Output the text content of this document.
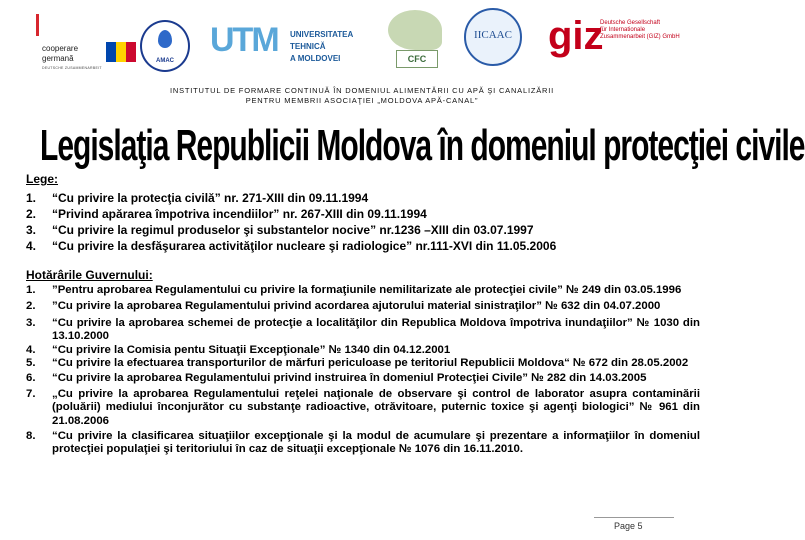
cooperare
germană
DEUTSCHE ZUSAMMENARBEIT
AMAC
UTM UNIVERSITATEA TEHNICĂ
A MOLDOVEI	CFC
IICAAC giz
Deutsche Gesellschaft
für Internationale
Zusammenarbeit (GIZ) GmbH
INSTITUTUL DE FORMARE CONTINUĂ ÎN DOMENIUL ALIMENTĂRII CU APĂ ŞI CANALIZĂRII
PENTRU MEMBRII ASOCIAŢIEI „MOLDOVA APĂ-CANAL”
Legislaţia Republicii Moldova în domeniul protecţiei civile
Lege:
1.	“Cu privire la protecţia civilă” nr. 271-XIII din 09.11.1994
2.	“Privind apărarea împotriva incendiilor” nr. 267-XIII din 09.11.1994
3.	“Cu privire la regimul produselor şi substantelor nocive” nr.1236 –XIII din 03.07.1997
4.	“Cu privire la desfăşurarea activităţilor nucleare şi radiologice” nr.111-XVI din 11.05.2006
Hotărârile Guvernului:
1.	”Pentru aprobarea Regulamentului cu privire la formaţiunile nemilitarizate ale protecţiei civile” № 249 din 03.05.1996
2.	”Cu privire la aprobarea Regulamentului privind acordarea ajutorului material sinistraţilor” № 632 din 04.07.2000
3.	“Cu privire la aprobarea schemei de protecţie a localităţilor din Republica Moldova împotriva inundaţiilor” № 1030 din 13.10.2000
4.	“Cu privire la Comisia pentu Situaţii Excepţionale” № 1340 din 04.12.2001
5.	“Cu privire la efectuarea transporturilor de mărfuri periculoase pe teritoriul Republicii Moldova“ № 672 din 28.05.2002
6.	“Cu privire la aprobarea Regulamentului privind instruirea în domeniul Protecţiei Civile” № 282 din 14.03.2005
7.	„Cu privire la aprobarea Regulamentului reţelei naţionale de observare şi control de laborator asupra contaminării (poluării) mediului înconjurător cu substanţe radioactive, otrăvitoare, puternic toxice şi agenţi biologici” № 961 din 21.08.2006
8.	“Cu privire la clasificarea situaţiilor excepţionale şi la modul de acumulare şi prezentare a informaţiilor în domeniul protecţiei populaţiei şi teritoriului în caz de situaţii excepţionale № 1076 din 16.11.2010.
Page 5
